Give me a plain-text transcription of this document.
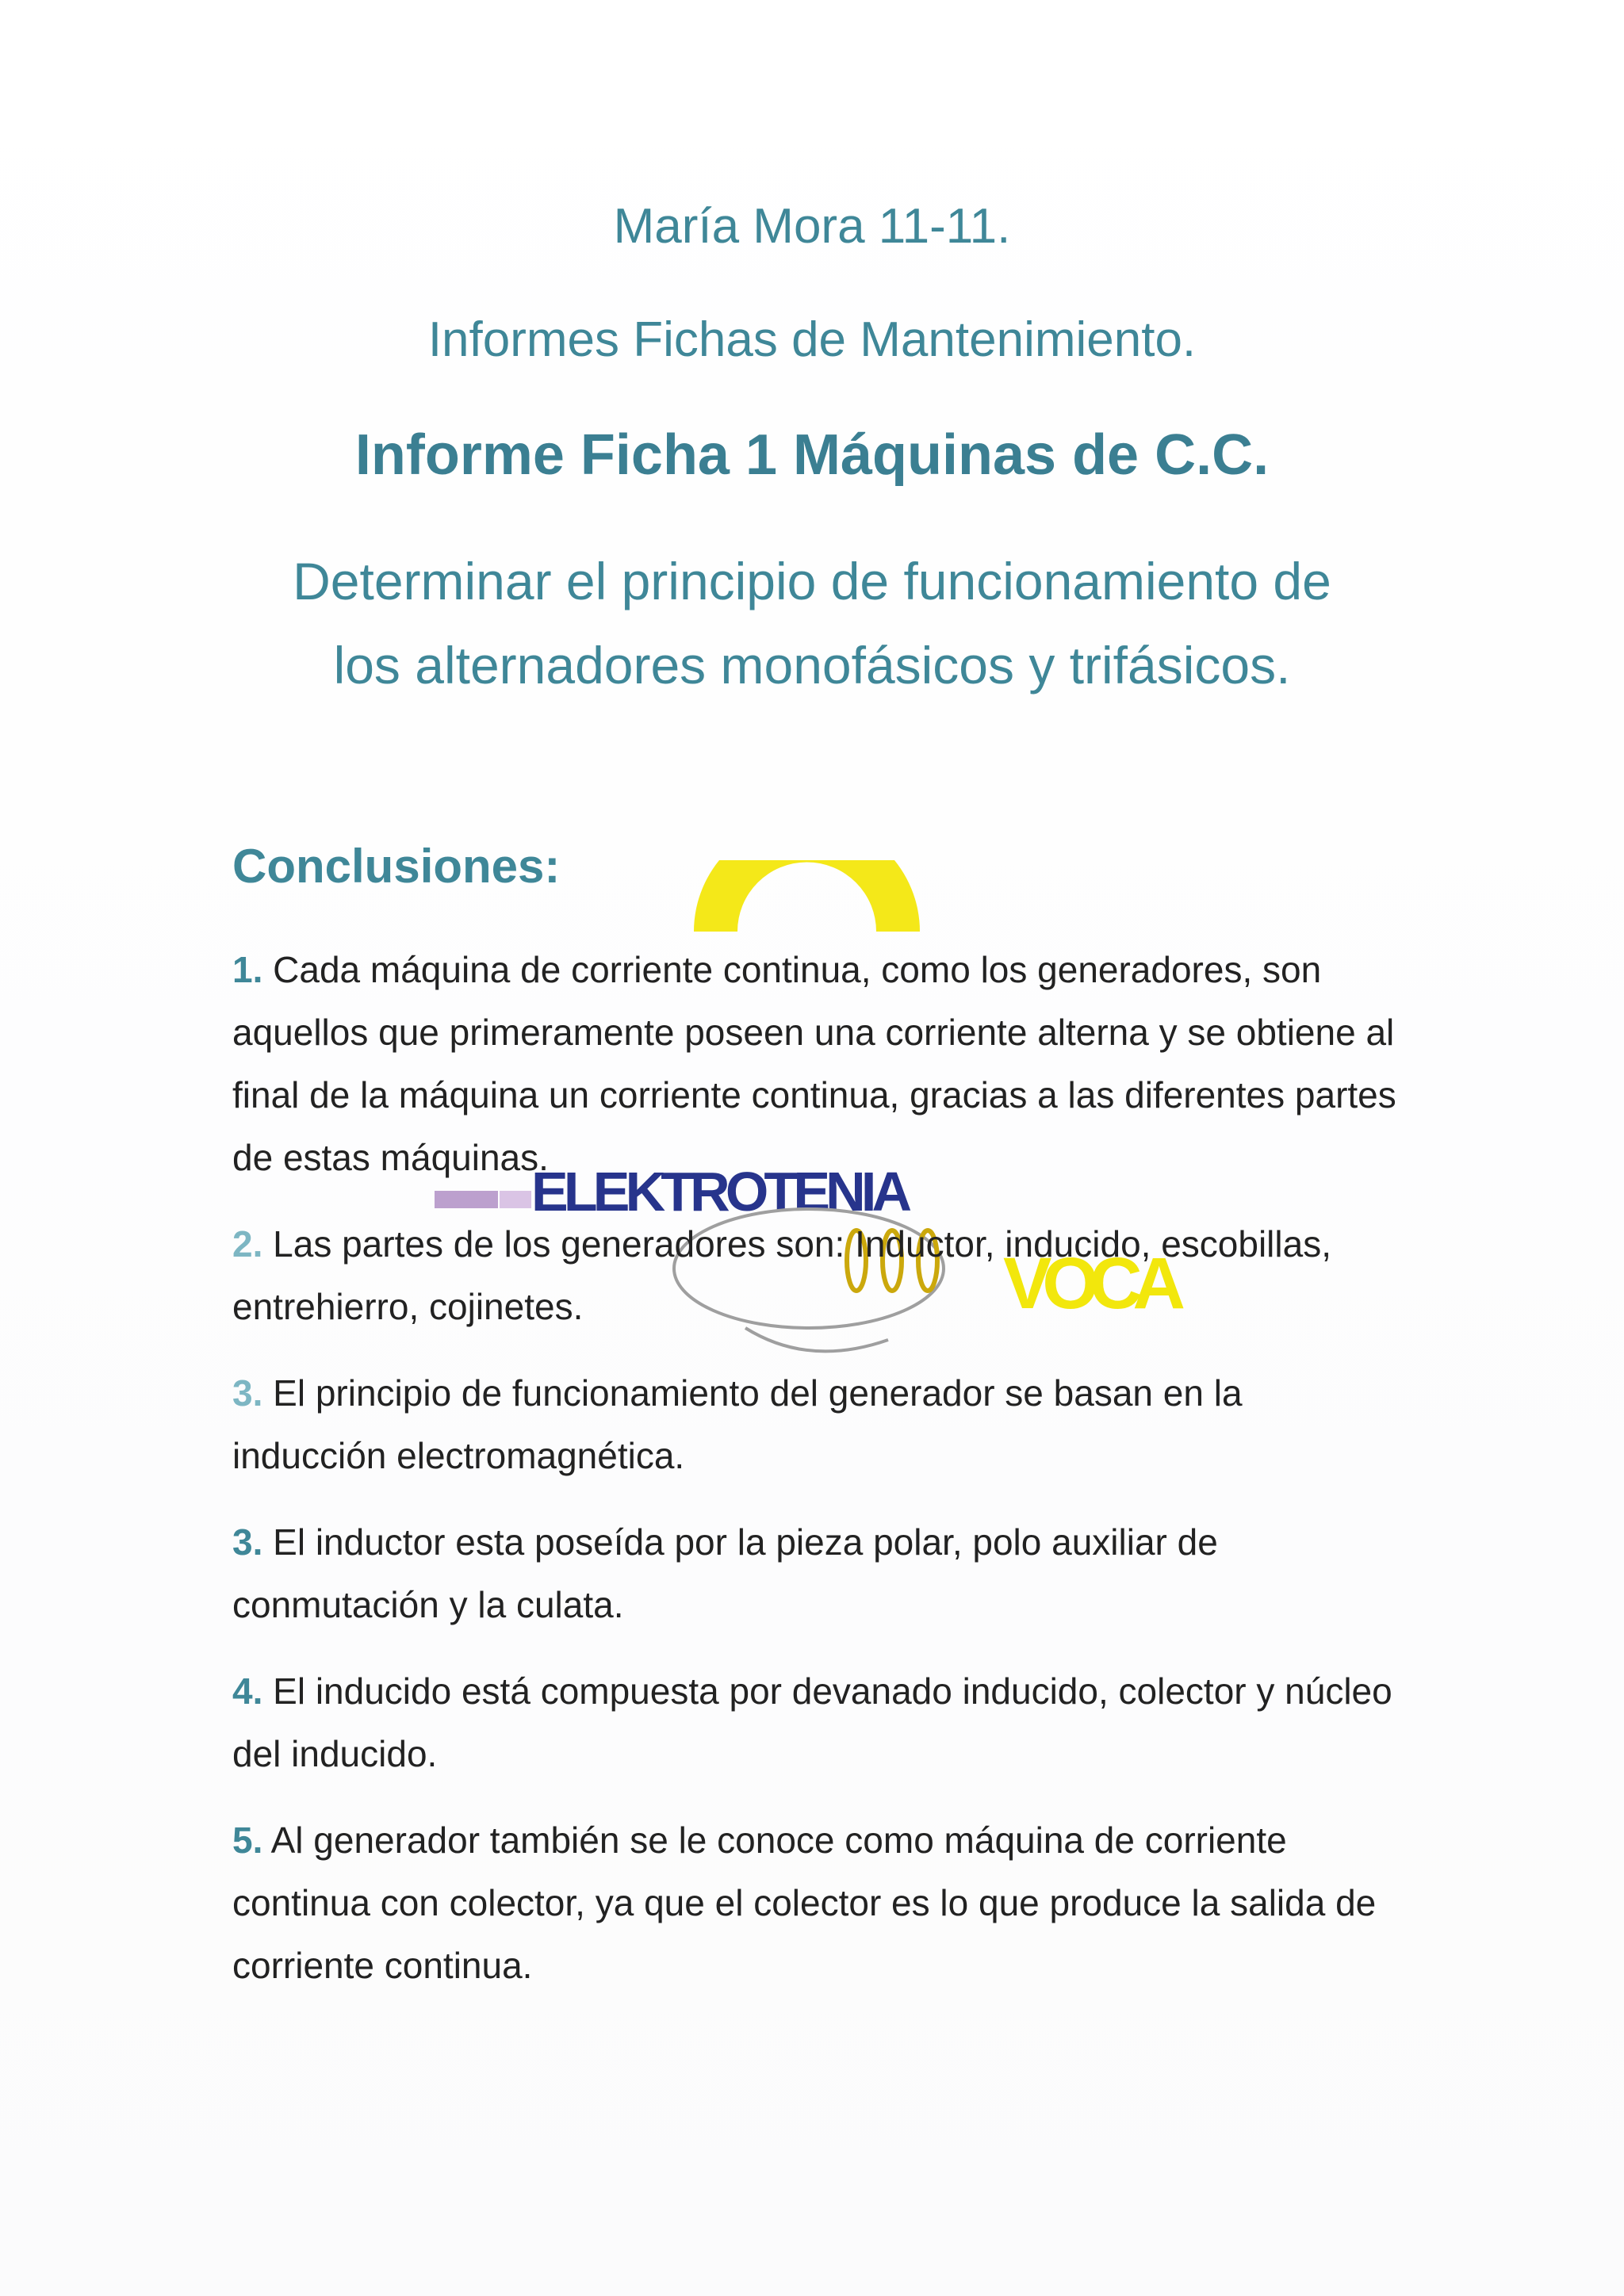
ELEKTROTENIA
VOCA
María Mora 11-11.
Informes Fichas de Mantenimiento.
Informe Ficha 1 Máquinas de C.C.
Determinar el principio de funcionamiento de
los alternadores monofásicos y trifásicos.
Conclusiones:

1. Cada máquina de corriente continua, como los generadores, son aquellos que primeramente poseen una corriente alterna y se obtiene al final de la máquina un corriente continua, gracias a las diferentes partes de estas máquinas.

2. Las partes de los generadores son: Inductor, inducido, escobillas, entrehierro, cojinetes.

3. El principio de funcionamiento del generador se basan en la inducción electromagnética.

3. El inductor esta poseída por la pieza polar, polo auxiliar de conmutación y la culata.

4. El inducido está compuesta por devanado inducido, colector y núcleo del inducido.

5. Al generador también se le conoce como máquina de corriente continua con colector, ya que el colector es lo que produce la salida de corriente continua.
